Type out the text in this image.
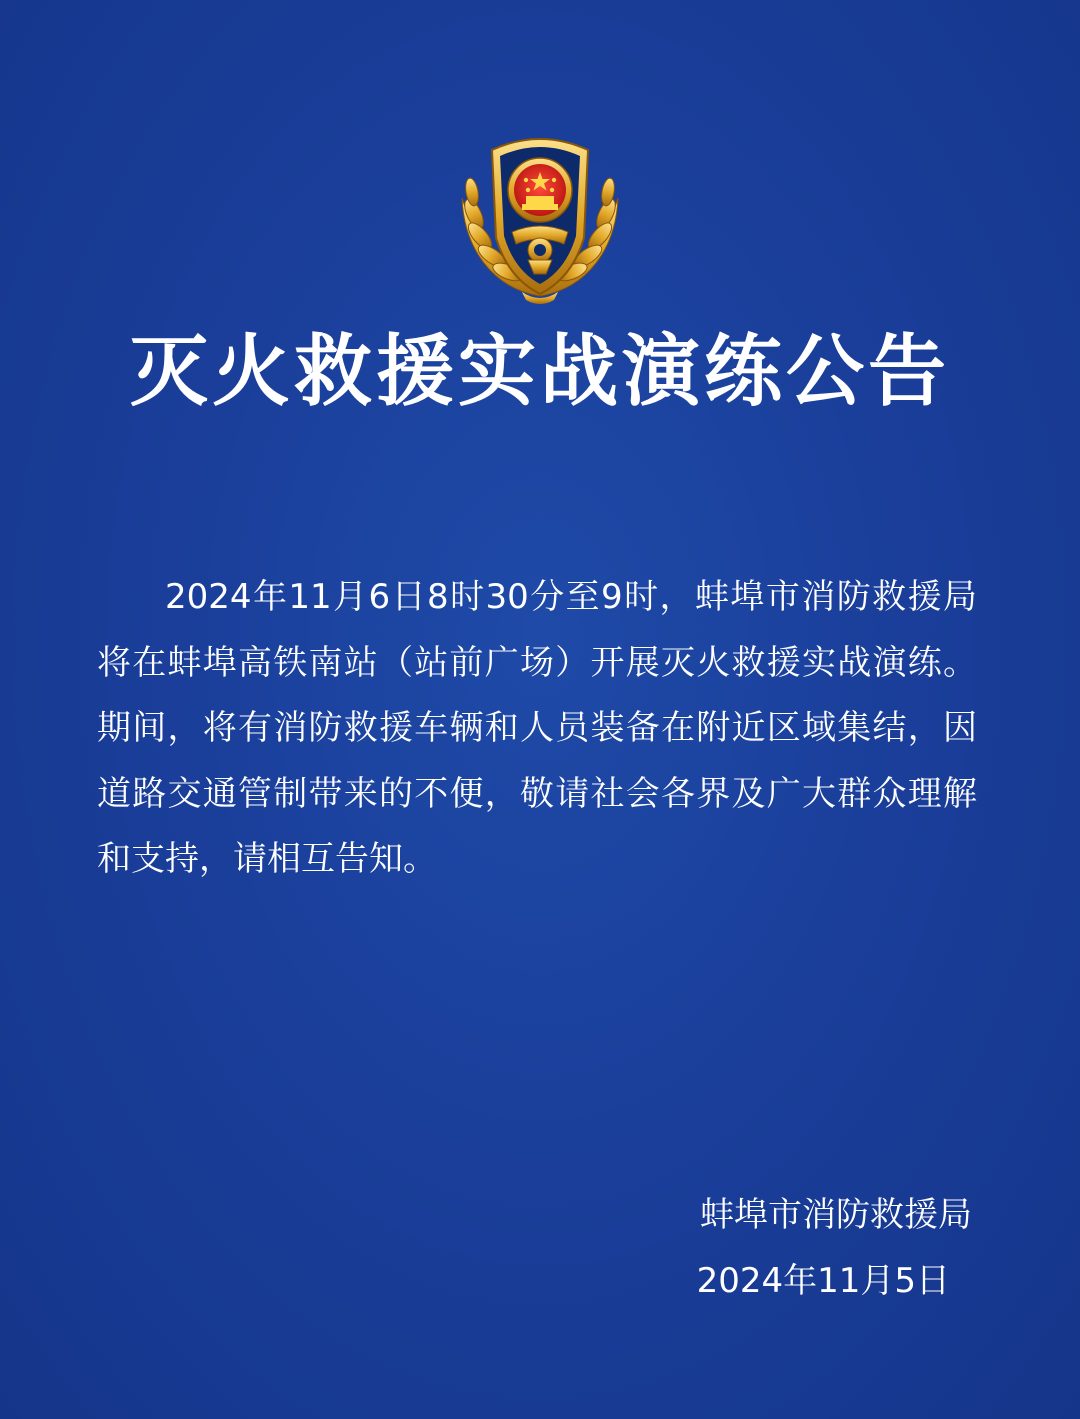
灭火救援实战演练公告
2024年11月6日8时30分至9时，蚌埠市消防救援局将在蚌埠高铁南站（站前广场）开展灭火救援实战演练。期间，将有消防救援车辆和人员装备在附近区域集结，因道路交通管制带来的不便，敬请社会各界及广大群众理解和支持，请相互告知。
蚌埠市消防救援局
2024年11月5日
